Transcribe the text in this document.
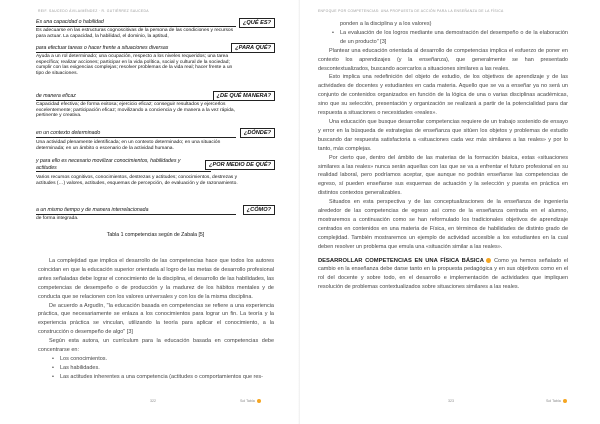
REIF. SAUCEDO ÁVILA/MÉNDEZ · R. GUTIÉRREZ SAUCEDA
Es una capacidad o habilidad	¿QUÉ ES?
Es adecuarse en las estructuras cognoscitivas de la persona de las condiciones y recursos para actuar. La capacidad, la habilidad, el dominio, la aptitud,
para efectuar tareas o hacer frente a situaciones diversas	¿PARA QUÉ?
Ayuda a un rol determinado; una ocupación, respecto a los niveles requeridos; una tarea específica; realizar acciones; participar en la vida política, social y cultural de la sociedad; cumplir con las exigencias complejas; resolver problemas de la vida real; hacer frente a un tipo de situaciones.
de manera eficaz	¿DE QUÉ MANERA?
Capacidad efectiva; de forma exitosa; ejercicio eficaz; conseguir resultados y ejercerlos excelentemente; participación eficaz; movilizando a conciencia y de manera a la vez rápida, pertinente y creativa.
en un contexto determinado	¿DÓNDE?
Una actividad plenamente identificada; en un contexto determinado; en una situación determinada; en un ámbito o escenario de la actividad humana.
y para ello es necesario movilizar conocimientos, habilidades y actitudes	¿POR MEDIO DE QUÉ?
Varios recursos cognitivos, conocimientos, destrezas y actitudes; conocimientos, destrezas y actitudes (…) valores, actitudes, esquemas de percepción, de evaluación y de razonamiento.
a un mismo tiempo y de manera interrelacionada	¿CÓMO?
de forma integrada.
Tabla 1 competencias según de Zabala [5]

La complejidad que implica el desarrollo de las competencias hace que todos los autores coincidan en que la educación superior orientada al logro de las metas de desarrollo profesional antes señaladas debe lograr el conocimiento de la disciplina, el desarrollo de las habilidades, las competencias de desempeño o de producción y la madurez de los hábitos mentales y de conducta que se relacionen con los valores universales y con los de la misma disciplina.

De acuerdo a Argudín, "la educación basada en competencias se refiere a una experiencia práctica, que necesariamente se enlaza a los conocimientos para lograr un fin. La teoría y la experiencia práctica se vinculan, utilizando la teoría para aplicar el conocimiento, a la construcción o desempeño de algo" [3]

Según esta autora, un currículum para la educación basada en competencias debe concentrarse en:

• Los conocimientos.
• Las habilidades.
• Las actitudes inherentes a una competencia (actitudes o comportamientos que res-
322	Sol Tabla
ENFOQUE POR COMPETENCIAS: UNA PROPUESTA DE ACCIÓN PARA LA ENSEÑANZA DE LA FÍSICA
ponden a la disciplina y a los valores)
• La evaluación de los logros mediante una demostración del desempeño o de la elaboración de un producto" [3]

Plantear una educación orientada al desarrollo de competencias implica el esfuerzo de poner en contexto los aprendizajes (y la enseñanza), que generalmente se han presentado descontextualizados, buscando acercarlos a situaciones similares a las reales.

Esto implica una redefinición del objeto de estudio, de los objetivos de aprendizaje y de las actividades de docentes y estudiantes en cada materia. Aquello que se va a enseñar ya no será un conjunto de contenidos organizados en función de la lógica de una o varias disciplinas académicas, sino que su selección, presentación y organización se realizará a partir de la potencialidad para dar respuesta a situaciones o necesidades «reales».

Una educación que busque desarrollar competencias requiere de un trabajo sostenido de ensayo y error en la búsqueda de estrategias de enseñanza que sitúen los objetos y problemas de estudio buscando dar respuesta satisfactoria a «situaciones cada vez más similares a las reales» y por lo tanto, más complejas.

Por cierto que, dentro del ámbito de las materias de la formación básica, estas «situaciones similares a las reales» nunca serán aquellas con las que se va a enfrentar el futuro profesional en su realidad laboral, pero podríamos aceptar, que aunque no podrán enseñarse las competencias de egreso, sí pueden enseñarse sus esquemas de actuación y la selección y puesta en práctica en distintos contextos generalizables.

Situados en esta perspectiva y de las conceptualizaciones de la enseñanza de ingeniería alrededor de las competencias de egreso así como de la enseñanza centrada en el alumno, mostraremos a continuación como se han reformulado los tradicionales objetivos de aprendizaje centrados en contenidos en una materia de Física, en términos de habilidades de distinto grado de complejidad. También mostraremos un ejemplo de actividad accesible a los estudiantes en la cual deben resolver un problema que emula una «situación similar a las reales».

DESARROLLAR COMPETENCIAS EN UNA FÍSICA BÁSICA Como ya hemos señalado el cambio en la enseñanza debe darse tanto en la propuesta pedagógica y en sus objetivos como en el rol del docente y sobre todo, en el desarrollo e implementación de actividades que impliquen resolución de problemas contextualizados sobre situaciones similares a las reales.

323	Sol Tabla
